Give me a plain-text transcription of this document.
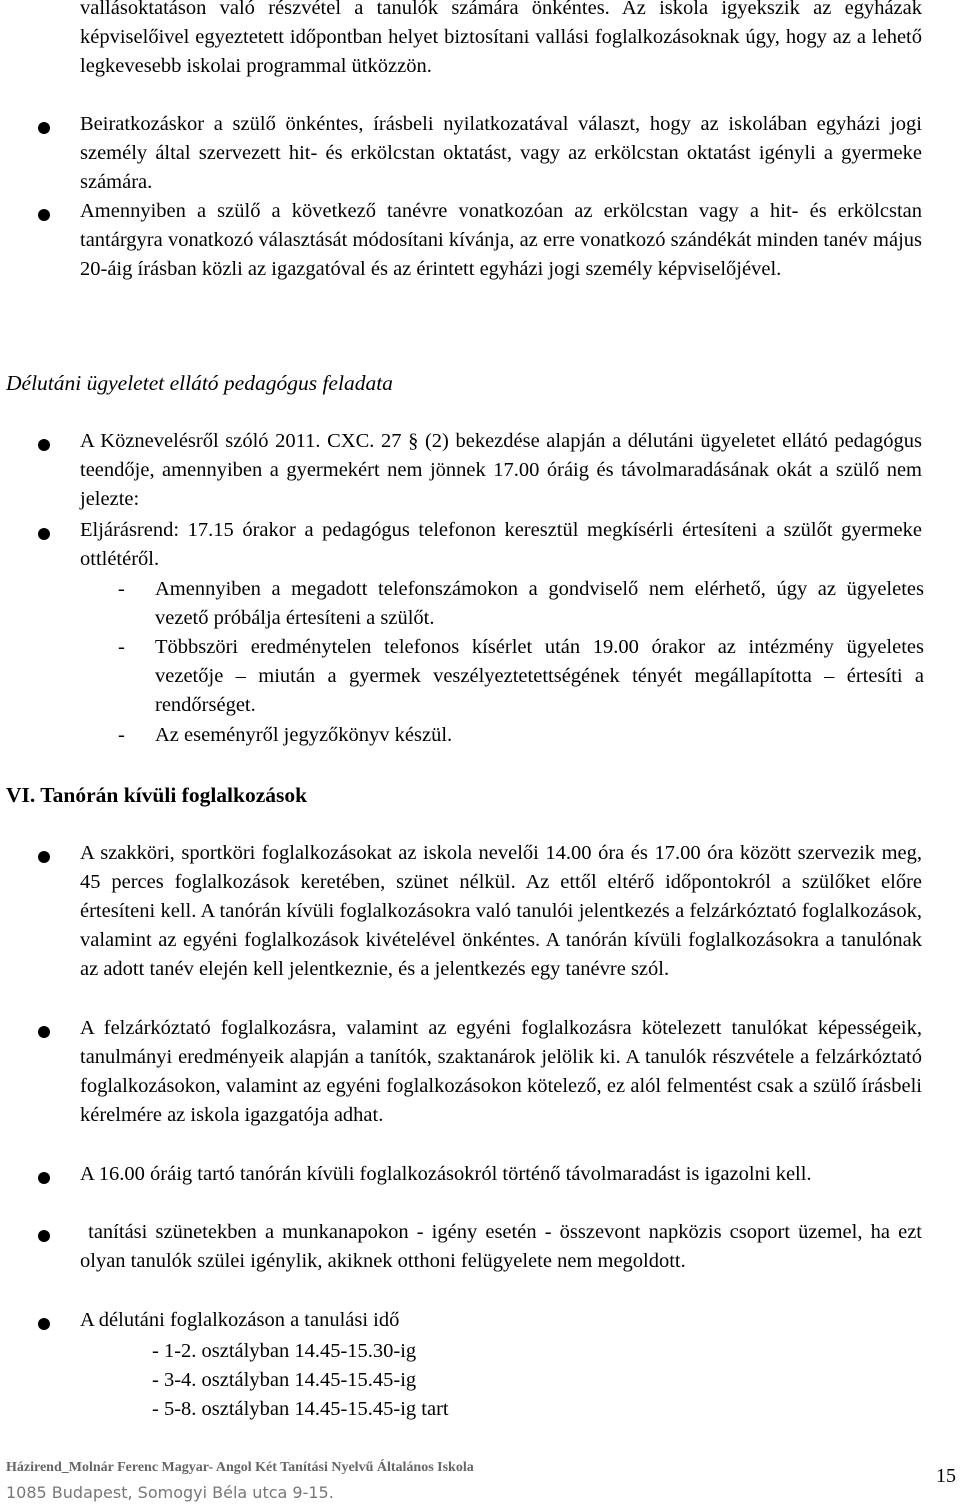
vallásoktatáson való részvétel a tanulók számára önkéntes. Az iskola igyekszik az egyházak képviselőivel egyeztetett időpontban helyet biztosítani vallási foglalkozásoknak úgy, hogy az a lehető legkevesebb iskolai programmal ütközzön.

Beiratkozáskor a szülő önkéntes, írásbeli nyilatkozatával választ, hogy az iskolában egyházi jogi személy által szervezett hit- és erkölcstan oktatást, vagy az erkölcstan oktatást igényli a gyermeke számára.

Amennyiben a szülő a következő tanévre vonatkozóan az erkölcstan vagy a hit- és erkölcstan tantárgyra vonatkozó választását módosítani kívánja, az erre vonatkozó szándékát minden tanév május 20-áig írásban közli az igazgatóval és az érintett egyházi jogi személy képviselőjével.

Délutáni ügyeletet ellátó pedagógus feladata

A Köznevelésről szóló 2011. CXC. 27 § (2) bekezdése alapján a délutáni ügyeletet ellátó pedagógus teendője, amennyiben a gyermekért nem jönnek 17.00 óráig és távolmaradásának okát a szülő nem jelezte:

Eljárásrend: 17.15 órakor a pedagógus telefonon keresztül megkísérli értesíteni a szülőt gyermeke ottlétéről.

- Amennyiben a megadott telefonszámokon a gondviselő nem elérhető, úgy az ügyeletes vezető próbálja értesíteni a szülőt.
- Többszöri eredménytelen telefonos kísérlet után 19.00 órakor az intézmény ügyeletes vezetője – miután a gyermek veszélyeztetettségének tényét megállapította – értesíti a rendőrséget.
- Az eseményről jegyzőkönyv készül.
VI. Tanórán kívüli foglalkozások

A szakköri, sportköri foglalkozásokat az iskola nevelői 14.00 óra és 17.00 óra között szervezik meg, 45 perces foglalkozások keretében, szünet nélkül. Az ettől eltérő időpontokról a szülőket előre értesíteni kell. A tanórán kívüli foglalkozásokra való tanulói jelentkezés a felzárkóztató foglalkozások, valamint az egyéni foglalkozások kivételével önkéntes. A tanórán kívüli foglalkozásokra a tanulónak az adott tanév elején kell jelentkeznie, és a jelentkezés egy tanévre szól.

A felzárkóztató foglalkozásra, valamint az egyéni foglalkozásra kötelezett tanulókat képességeik, tanulmányi eredményeik alapján a tanítók, szaktanárok jelölik ki. A tanulók részvétele a felzárkóztató foglalkozásokon, valamint az egyéni foglalkozásokon kötelező, ez alól felmentést csak a szülő írásbeli kérelmére az iskola igazgatója adhat.

A 16.00 óráig tartó tanórán kívüli foglalkozásokról történő távolmaradást is igazolni kell.

tanítási szünetekben a munkanapokon - igény esetén - összevont napközis csoport üzemel, ha ezt olyan tanulók szülei igénylik, akiknek otthoni felügyelete nem megoldott.

A délutáni foglalkozáson a tanulási idő

- 1-2. osztályban 14.45-15.30-ig
- 3-4. osztályban 14.45-15.45-ig
- 5-8. osztályban 14.45-15.45-ig tart
Házirend_Molnár Ferenc Magyar- Angol Két Tanítási Nyelvű Általános Iskola
1085 Budapest, Somogyi Béla utca 9-15.
15
